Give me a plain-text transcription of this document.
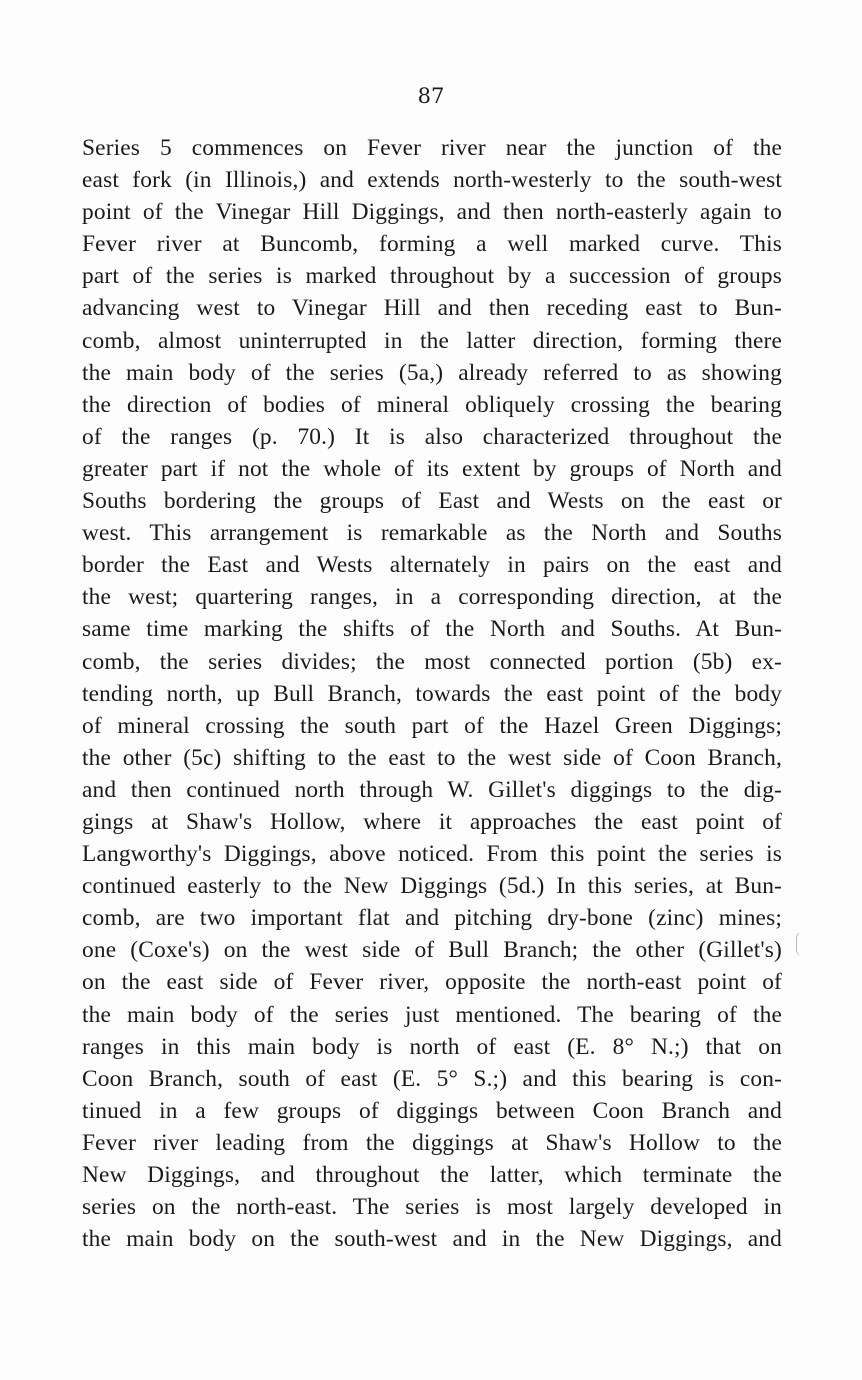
87
Series 5 commences on Fever river near the junction of the
east fork (in Illinois,) and extends north-westerly to the south-west
point of the Vinegar Hill Diggings, and then north-easterly again to
Fever river at Buncomb, forming a well marked curve. This
part of the series is marked throughout by a succession of groups
advancing west to Vinegar Hill and then receding east to Bun-
comb, almost uninterrupted in the latter direction, forming there
the main body of the series (5a,) already referred to as showing
the direction of bodies of mineral obliquely crossing the bearing
of the ranges (p. 70.) It is also characterized throughout the
greater part if not the whole of its extent by groups of North and
Souths bordering the groups of East and Wests on the east or
west. This arrangement is remarkable as the North and Souths
border the East and Wests alternately in pairs on the east and
the west; quartering ranges, in a corresponding direction, at the
same time marking the shifts of the North and Souths. At Bun-
comb, the series divides; the most connected portion (5b) ex-
tending north, up Bull Branch, towards the east point of the body
of mineral crossing the south part of the Hazel Green Diggings;
the other (5c) shifting to the east to the west side of Coon Branch,
and then continued north through W. Gillet's diggings to the dig-
gings at Shaw's Hollow, where it approaches the east point of
Langworthy's Diggings, above noticed. From this point the series is
continued easterly to the New Diggings (5d.) In this series, at Bun-
comb, are two important flat and pitching dry-bone (zinc) mines;
one (Coxe's) on the west side of Bull Branch; the other (Gillet's)
on the east side of Fever river, opposite the north-east point of
the main body of the series just mentioned. The bearing of the
ranges in this main body is north of east (E. 8° N.;) that on
Coon Branch, south of east (E. 5° S.;) and this bearing is con-
tinued in a few groups of diggings between Coon Branch and
Fever river leading from the diggings at Shaw's Hollow to the
New Diggings, and throughout the latter, which terminate the
series on the north-east. The series is most largely developed in
the main body on the south-west and in the New Diggings, and
